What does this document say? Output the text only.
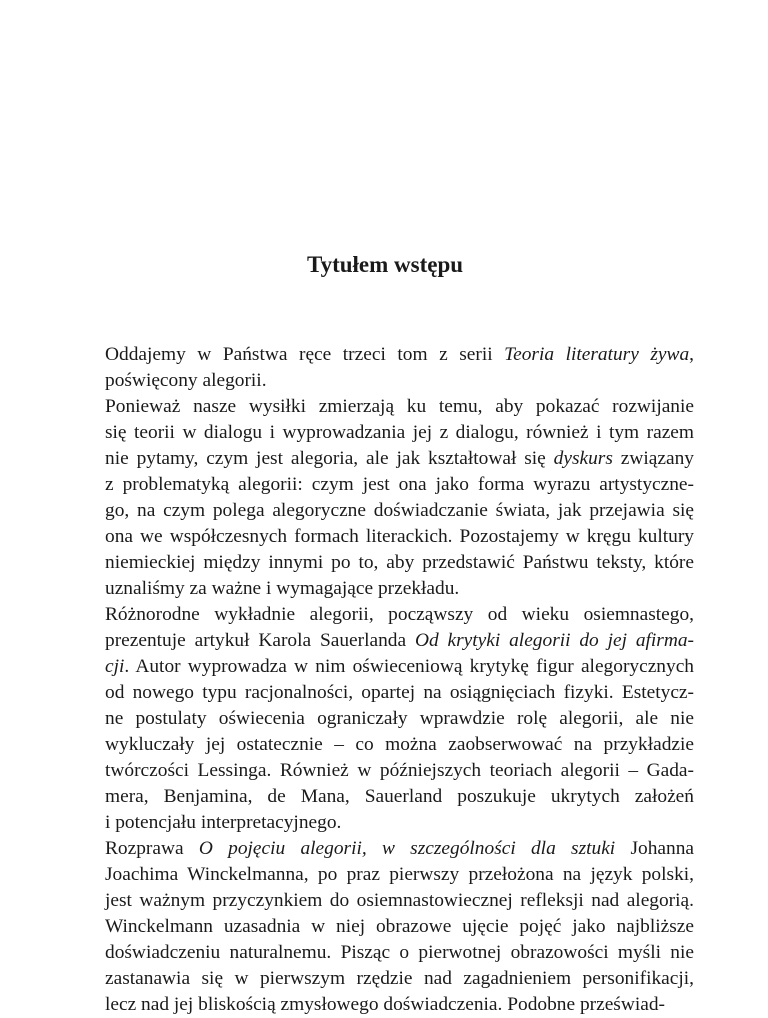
Tytułem wstępu
Oddajemy w Państwa ręce trzeci tom z serii Teoria literatury żywa,
poświęcony alegorii.
Ponieważ nasze wysiłki zmierzają ku temu, aby pokazać rozwijanie
się teorii w dialogu i wyprowadzania jej z dialogu, również i tym razem
nie pytamy, czym jest alegoria, ale jak kształtował się dyskurs związany
z problematyką alegorii: czym jest ona jako forma wyrazu artystyczne-
go, na czym polega alegoryczne doświadczanie świata, jak przejawia się
ona we współczesnych formach literackich. Pozostajemy w kręgu kultury
niemieckiej między innymi po to, aby przedstawić Państwu teksty, które
uznaliśmy za ważne i wymagające przekładu.
Różnorodne wykładnie alegorii, począwszy od wieku osiemnastego,
prezentuje artykuł Karola Sauerlanda Od krytyki alegorii do jej afirma-
cji. Autor wyprowadza w nim oświeceniową krytykę figur alegorycznych
od nowego typu racjonalności, opartej na osiągnięciach fizyki. Estetycz-
ne postulaty oświecenia ograniczały wprawdzie rolę alegorii, ale nie
wykluczały jej ostatecznie – co można zaobserwować na przykładzie
twórczości Lessinga. Również w późniejszych teoriach alegorii – Gada-
mera, Benjamina, de Mana, Sauerland poszukuje ukrytych założeń
i potencjału interpretacyjnego.
Rozprawa O pojęciu alegorii, w szczególności dla sztuki Johanna
Joachima Winckelmanna, po praz pierwszy przełożona na język polski,
jest ważnym przyczynkiem do osiemnastowiecznej refleksji nad alegorią.
Winckelmann uzasadnia w niej obrazowe ujęcie pojęć jako najbliższe
doświadczeniu naturalnemu. Pisząc o pierwotnej obrazowości myśli nie
zastanawia się w pierwszym rzędzie nad zagadnieniem personifikacji,
lecz nad jej bliskością zmysłowego doświadczenia. Podobne przeświad-
